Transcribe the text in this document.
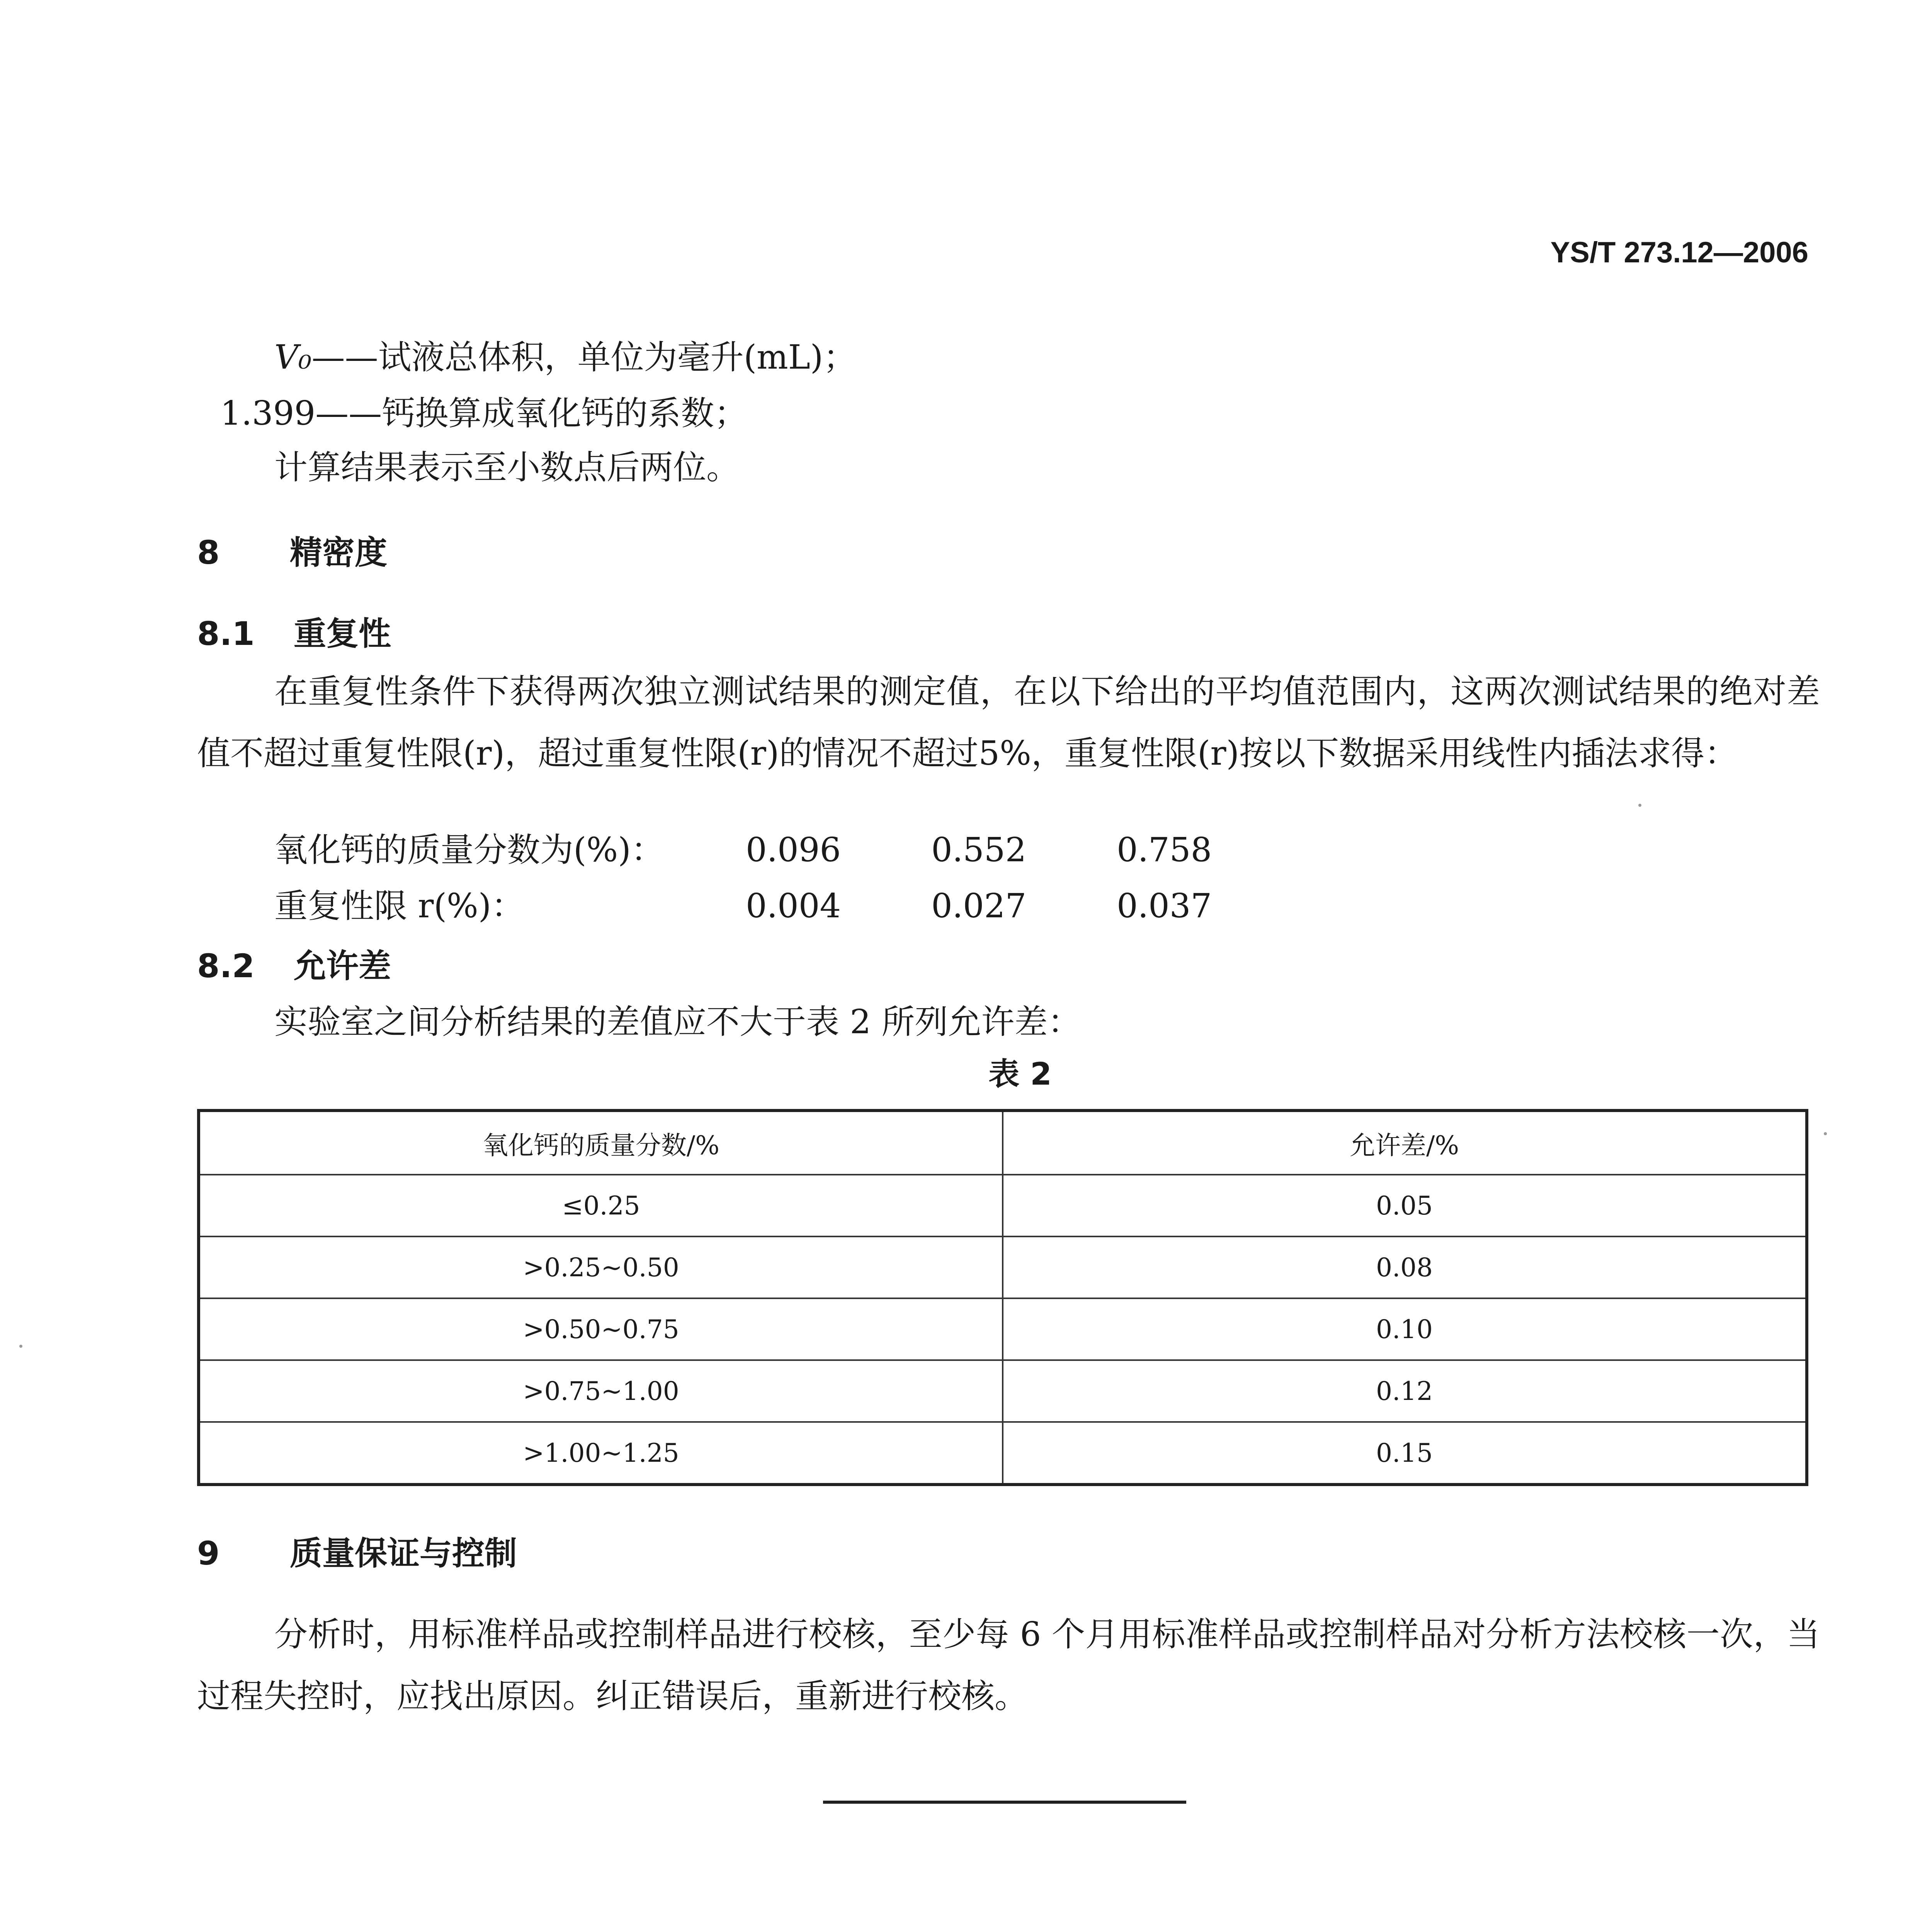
YS/T 273.12—2006
V₀——试液总体积，单位为毫升(mL)；
1.399——钙换算成氧化钙的系数；
计算结果表示至小数点后两位。
8 精密度
8.1 重复性
在重复性条件下获得两次独立测试结果的测定值，在以下给出的平均值范围内，这两次测试结果的绝对差值不超过重复性限(r)，超过重复性限(r)的情况不超过5%，重复性限(r)按以下数据采用线性内插法求得：
氧化钙的质量分数为(%)： 0.096	0.552	0.758
重复性限 r(%)：	0.004	0.027	0.037
8.2 允许差
实验室之间分析结果的差值应不大于表 2 所列允许差：
表 2
氧化钙的质量分数/%	允许差/%
≤0.25	0.05
>0.25~0.50	0.08
>0.50~0.75	0.10
>0.75~1.00	0.12
>1.00~1.25	0.15
9 质量保证与控制
分析时，用标准样品或控制样品进行校核，至少每 6 个月用标准样品或控制样品对分析方法校核一次，当过程失控时，应找出原因。纠正错误后，重新进行校核。
